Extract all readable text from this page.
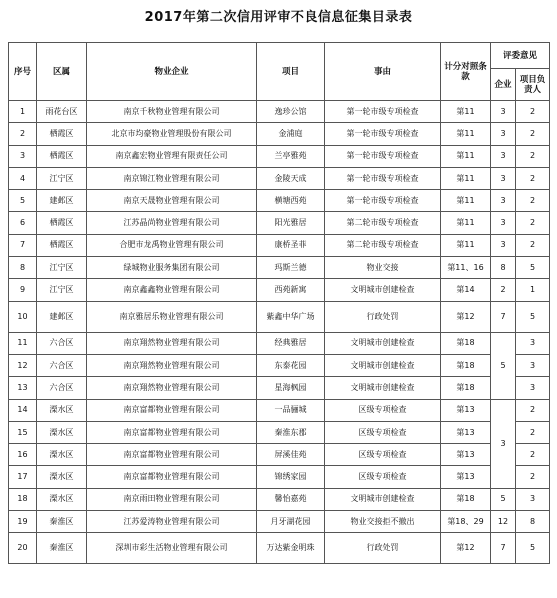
2017年第二次信用评审不良信息征集目录表
序号	区属	物业企业	项目	事由	计分对照条款	评委意见	
						企业	项目负责人
1	雨花台区	南京千秋物业管理有限公司	逸珍公馆	第一轮市级专项检查	第11	3	2
2	栖霞区	北京市均豪物业管理股份有限公司	金浦庭	第一轮市级专项检查	第11	3	2
3	栖霞区	南京鑫宏物业管理有限责任公司	兰亭雅苑	第一轮市级专项检查	第11	3	2
4	江宁区	南京锦江物业管理有限公司	金陵天成	第一轮市级专项检查	第11	3	2
5	建邺区	南京天晟物业管理有限公司	横塘西苑	第一轮市级专项检查	第11	3	2
6	栖霞区	江苏晶尚物业管理有限公司	阳光雅居	第二轮市级专项检查	第11	3	2
7	栖霞区	合肥市龙禹物业管理有限公司	康桥圣菲	第二轮市级专项检查	第11	3	2
8	江宁区	绿城物业服务集团有限公司	玛斯兰德	物业交接	第11、16	8	5
9	江宁区	南京鑫鑫物业管理有限公司	西苑新寓	文明城市创建检查	第14	2	1
10	建邺区	南京雅居乐物业管理有限公司	紫鑫中华广场	行政处罚	第12	7	5
11	六合区	南京翔然物业管理有限公司	经典雅居	文明城市创建检查	第18	5	3
12	六合区	南京翔然物业管理有限公司	东泰花园	文明城市创建检查	第18		3
13	六合区	南京翔然物业管理有限公司	星海枫园	文明城市创建检查	第18		3
14	溧水区	南京富都物业管理有限公司	一品骊城	区级专项检查	第13	3	2
15	溧水区	南京富都物业管理有限公司	秦淮东郡	区级专项检查	第13		2
16	溧水区	南京富都物业管理有限公司	屏溪佳苑	区级专项检查	第13		2
17	溧水区	南京富都物业管理有限公司	锦绣家园	区级专项检查	第13		2
18	溧水区	南京雨田物业管理有限公司	馨怡嘉苑	文明城市创建检查	第18	5	3
19	秦淮区	江苏爱涛物业管理有限公司	月牙湖花园	物业交接拒不撤出	第18、29	12	8
20	秦淮区	深圳市彩生活物业管理有限公司	万达紫金明珠	行政处罚	第12	7	5
